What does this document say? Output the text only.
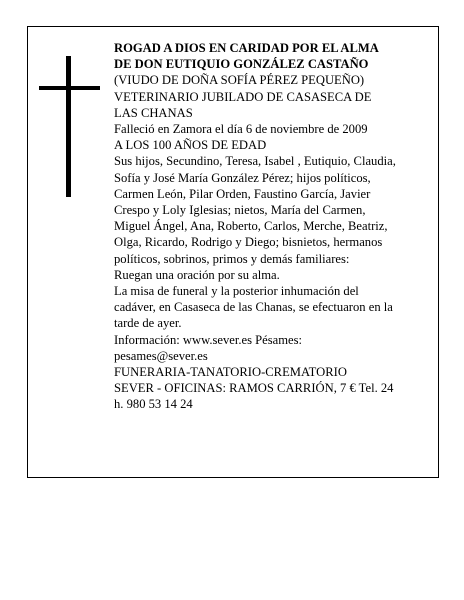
ROGAD A DIOS EN CARIDAD POR EL ALMA
DE DON EUTIQUIO GONZÁLEZ CASTAÑO
(VIUDO DE DOÑA SOFÍA PÉREZ PEQUEÑO)
VETERINARIO JUBILADO DE CASASECA DE
LAS CHANAS
Falleció en Zamora el día 6 de noviembre de 2009
A LOS 100 AÑOS DE EDAD
Sus hijos, Secundino, Teresa, Isabel , Eutiquio, Claudia,
Sofía y José María González Pérez; hijos políticos,
Carmen León, Pilar Orden, Faustino García, Javier
Crespo y Loly Iglesias; nietos, María del Carmen,
Miguel Ángel, Ana, Roberto, Carlos, Merche, Beatriz,
Olga, Ricardo, Rodrigo y Diego; bisnietos, hermanos
políticos, sobrinos, primos y demás familiares:
Ruegan una oración por su alma.
La misa de funeral y la posterior inhumación del
cadáver, en Casaseca de las Chanas, se efectuaron en la
tarde de ayer.
Información: www.sever.es Pésames:
pesames@sever.es
FUNERARIA-TANATORIO-CREMATORIO
SEVER - OFICINAS: RAMOS CARRIÓN, 7 € Tel. 24
h. 980 53 14 24
